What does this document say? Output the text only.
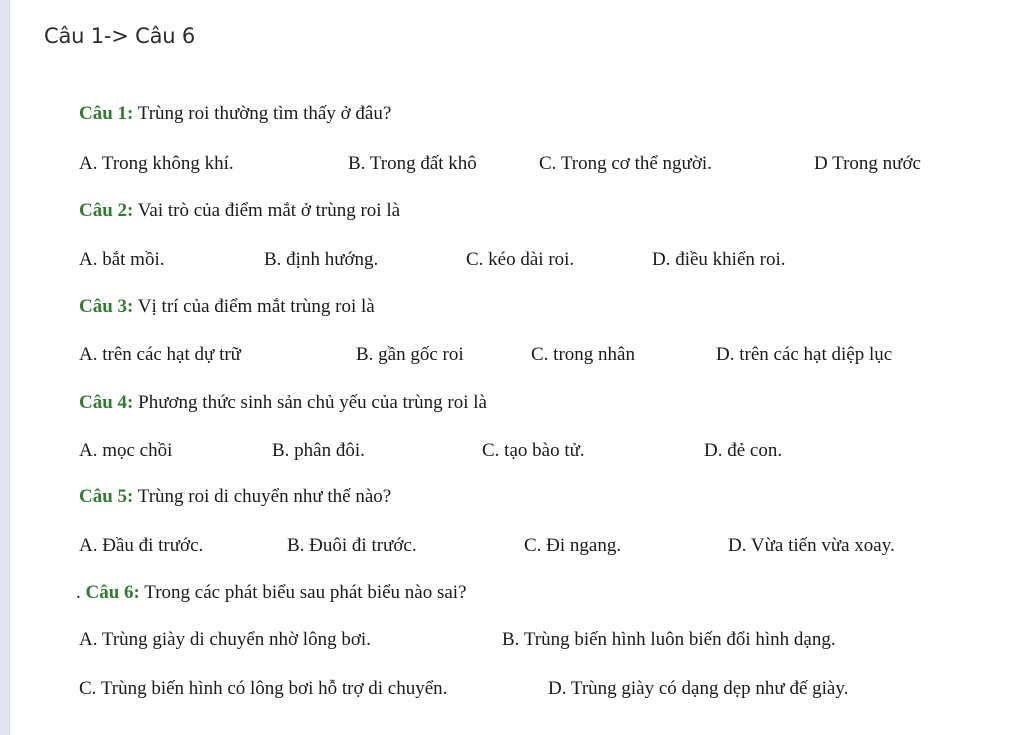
Câu 1-> Câu 6
Câu 1: Trùng roi thường tìm thấy ở đâu?
A. Trong không khí.	B. Trong đất khô	C. Trong cơ thể người.	D Trong nước
Câu 2: Vai trò của điểm mắt ở trùng roi là
A. bắt mồi.	B. định hướng.	C. kéo dài roi.	D. điều khiển roi.
Câu 3: Vị trí của điểm mắt trùng roi là
A. trên các hạt dự trữ	B. gần gốc roi	C. trong nhân	D. trên các hạt diệp lục
Câu 4: Phương thức sinh sản chủ yếu của trùng roi là
A. mọc chồi	B. phân đôi.	C. tạo bào tử.	D. đẻ con.
Câu 5: Trùng roi di chuyển như thế nào?
A. Đầu đi trước.	B. Đuôi đi trước.	C. Đi ngang.	D. Vừa tiến vừa xoay.
. Câu 6: Trong các phát biểu sau phát biểu nào sai?
A. Trùng giày di chuyển nhờ lông bơi.	B. Trùng biến hình luôn biến đổi hình dạng.
C. Trùng biến hình có lông bơi hỗ trợ di chuyển.	D. Trùng giày có dạng dẹp như đế giày.
